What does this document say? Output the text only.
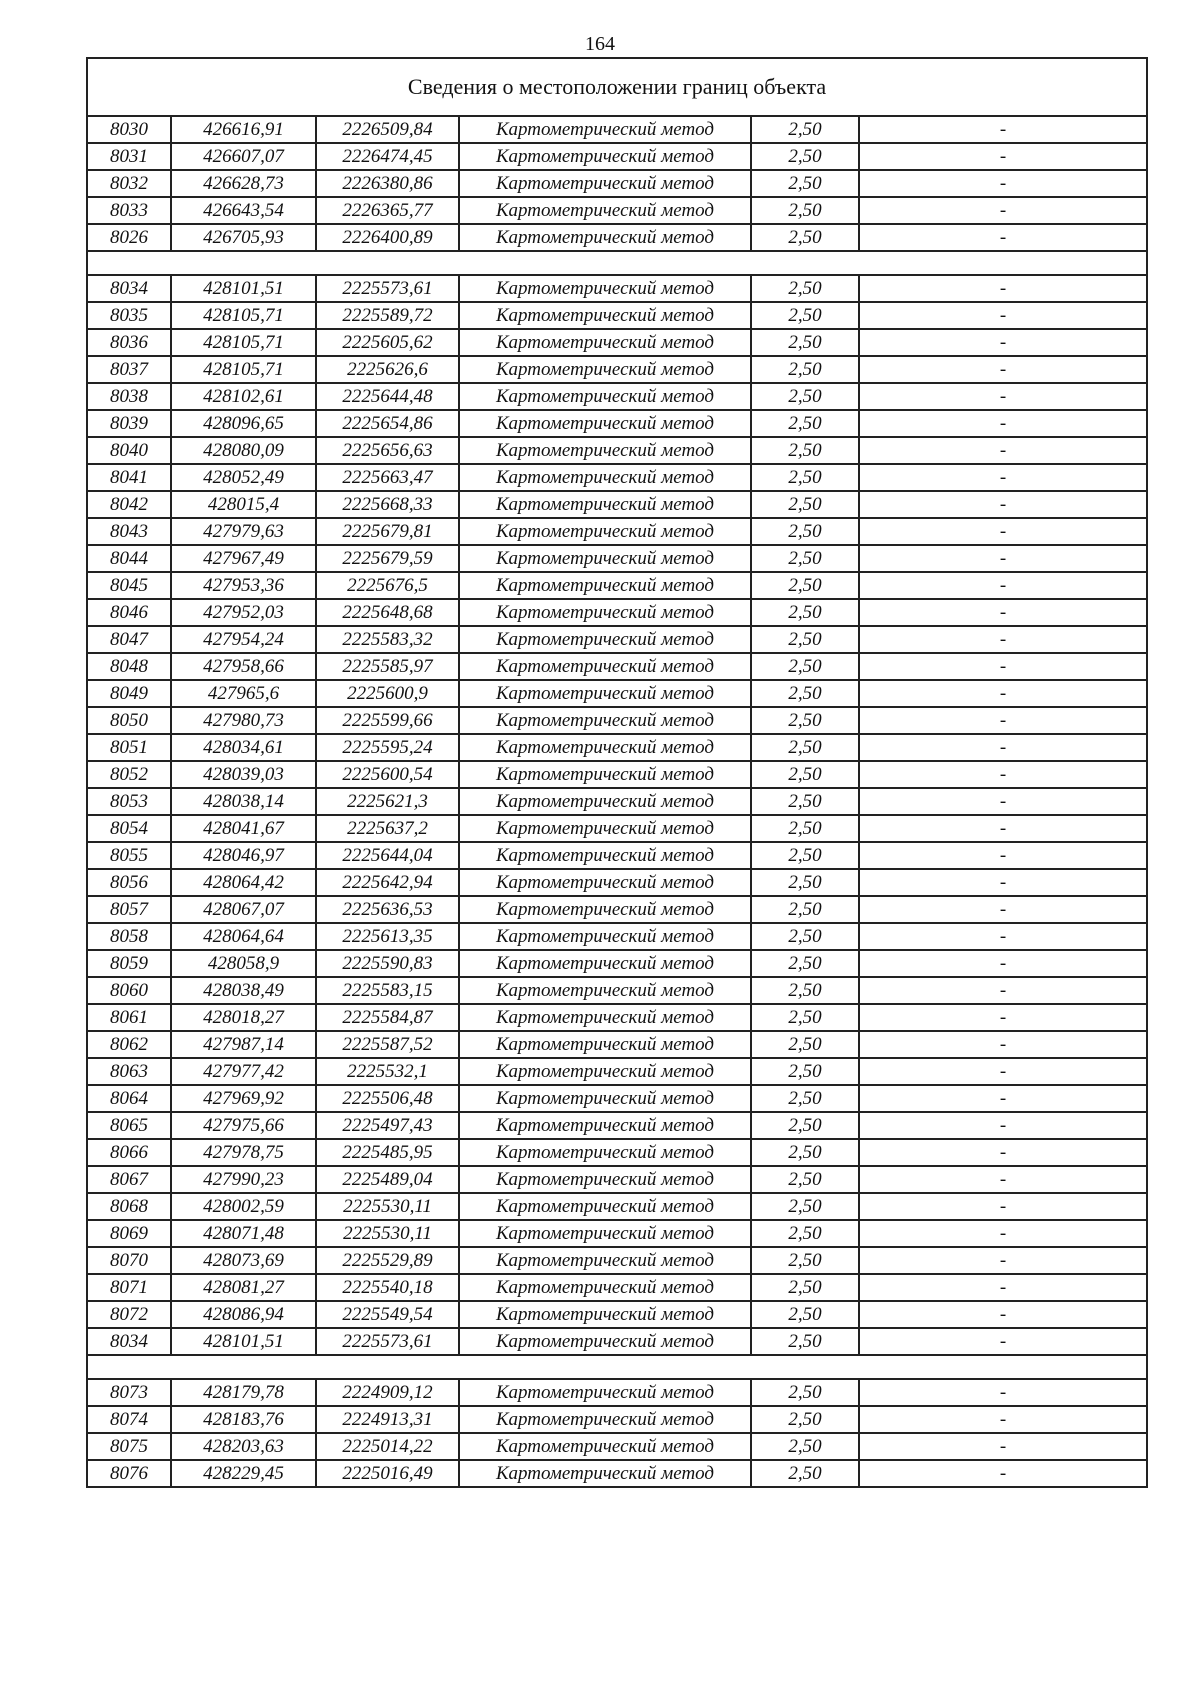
164
Сведения о местоположении границ объекта					
8030	426616,91	2226509,84	Картометрический метод	2,50	-
8031	426607,07	2226474,45	Картометрический метод	2,50	-
8032	426628,73	2226380,86	Картометрический метод	2,50	-
8033	426643,54	2226365,77	Картометрический метод	2,50	-
8026	426705,93	2226400,89	Картометрический метод	2,50	-

8034	428101,51	2225573,61	Картометрический метод	2,50	-
8035	428105,71	2225589,72	Картометрический метод	2,50	-
8036	428105,71	2225605,62	Картометрический метод	2,50	-
8037	428105,71	2225626,6	Картометрический метод	2,50	-
8038	428102,61	2225644,48	Картометрический метод	2,50	-
8039	428096,65	2225654,86	Картометрический метод	2,50	-
8040	428080,09	2225656,63	Картометрический метод	2,50	-
8041	428052,49	2225663,47	Картометрический метод	2,50	-
8042	428015,4	2225668,33	Картометрический метод	2,50	-
8043	427979,63	2225679,81	Картометрический метод	2,50	-
8044	427967,49	2225679,59	Картометрический метод	2,50	-
8045	427953,36	2225676,5	Картометрический метод	2,50	-
8046	427952,03	2225648,68	Картометрический метод	2,50	-
8047	427954,24	2225583,32	Картометрический метод	2,50	-
8048	427958,66	2225585,97	Картометрический метод	2,50	-
8049	427965,6	2225600,9	Картометрический метод	2,50	-
8050	427980,73	2225599,66	Картометрический метод	2,50	-
8051	428034,61	2225595,24	Картометрический метод	2,50	-
8052	428039,03	2225600,54	Картометрический метод	2,50	-
8053	428038,14	2225621,3	Картометрический метод	2,50	-
8054	428041,67	2225637,2	Картометрический метод	2,50	-
8055	428046,97	2225644,04	Картометрический метод	2,50	-
8056	428064,42	2225642,94	Картометрический метод	2,50	-
8057	428067,07	2225636,53	Картометрический метод	2,50	-
8058	428064,64	2225613,35	Картометрический метод	2,50	-
8059	428058,9	2225590,83	Картометрический метод	2,50	-
8060	428038,49	2225583,15	Картометрический метод	2,50	-
8061	428018,27	2225584,87	Картометрический метод	2,50	-
8062	427987,14	2225587,52	Картометрический метод	2,50	-
8063	427977,42	2225532,1	Картометрический метод	2,50	-
8064	427969,92	2225506,48	Картометрический метод	2,50	-
8065	427975,66	2225497,43	Картометрический метод	2,50	-
8066	427978,75	2225485,95	Картометрический метод	2,50	-
8067	427990,23	2225489,04	Картометрический метод	2,50	-
8068	428002,59	2225530,11	Картометрический метод	2,50	-
8069	428071,48	2225530,11	Картометрический метод	2,50	-
8070	428073,69	2225529,89	Картометрический метод	2,50	-
8071	428081,27	2225540,18	Картометрический метод	2,50	-
8072	428086,94	2225549,54	Картометрический метод	2,50	-
8034	428101,51	2225573,61	Картометрический метод	2,50	-

8073	428179,78	2224909,12	Картометрический метод	2,50	-
8074	428183,76	2224913,31	Картометрический метод	2,50	-
8075	428203,63	2225014,22	Картометрический метод	2,50	-
8076	428229,45	2225016,49	Картометрический метод	2,50	-
